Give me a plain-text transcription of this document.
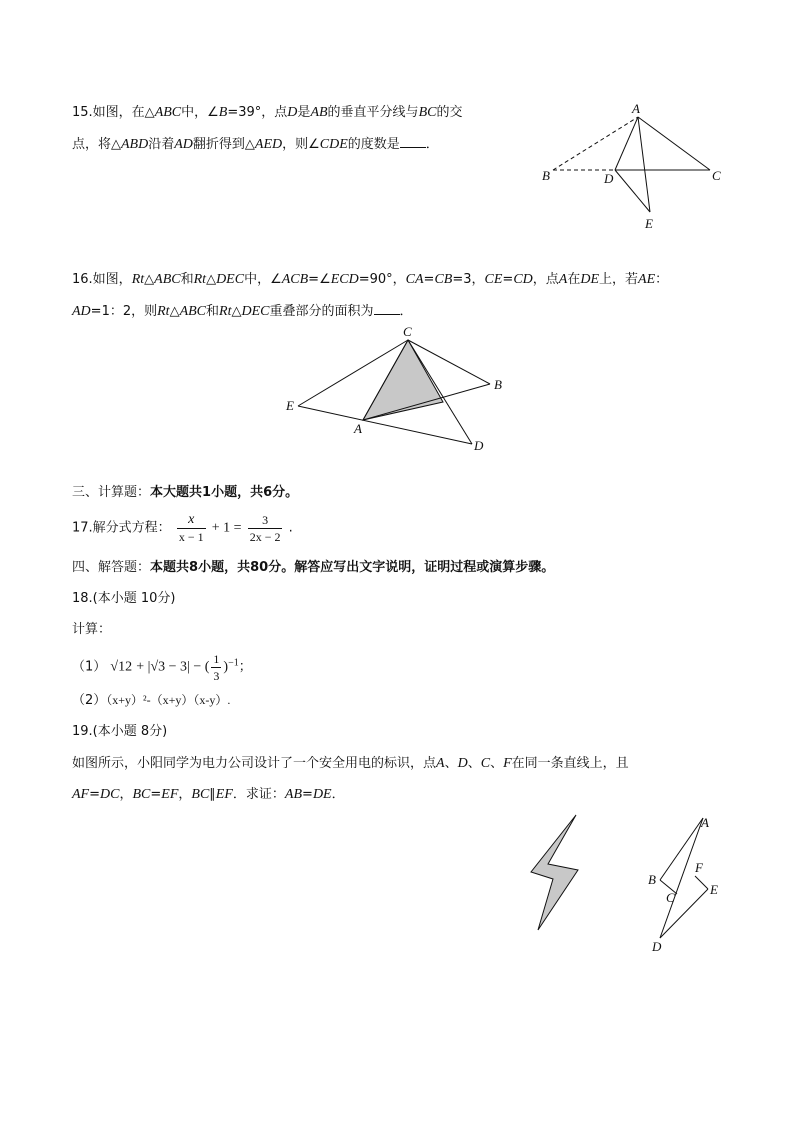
15.如图，在△ABC中，∠B=39°，点D是AB的垂直平分线与BC的交
点，将△ABD沿着AD翻折得到△AED，则∠CDE的度数是 ．
A
B	D	C
E
16.如图，Rt△ABC和Rt△DEC中，∠ACB=∠ECD=90°，CA=CB=3，CE=CD，点A在DE上，若AE：
AD=1：2，则Rt△ABC和Rt△DEC重叠部分的面积为 ．
C
B
E
A
D
三、计算题：本大题共1小题，共6分。
17.解分式方程： $\frac{x}{x - 1} + 1 = \frac{3}{2x - 2}$ .
四、解答题：本题共8小题，共80分。解答应写出文字说明，证明过程或演算步骤。
18.(本小题 10分)
计算：
（1） √12 + |√3 − 3| − ( $\frac{1}{3} )^{-1}$；
（2）（x+y）²-（x+y）（x-y）.
19.(本小题 8分)
如图所示，小阳同学为电力公司设计了一个安全用电的标识，点A、D、C、F在同一条直线上，且
AF=DC，BC=EF，BC∥EF．求证：AB=DE．
A
F
B
E
C
D
